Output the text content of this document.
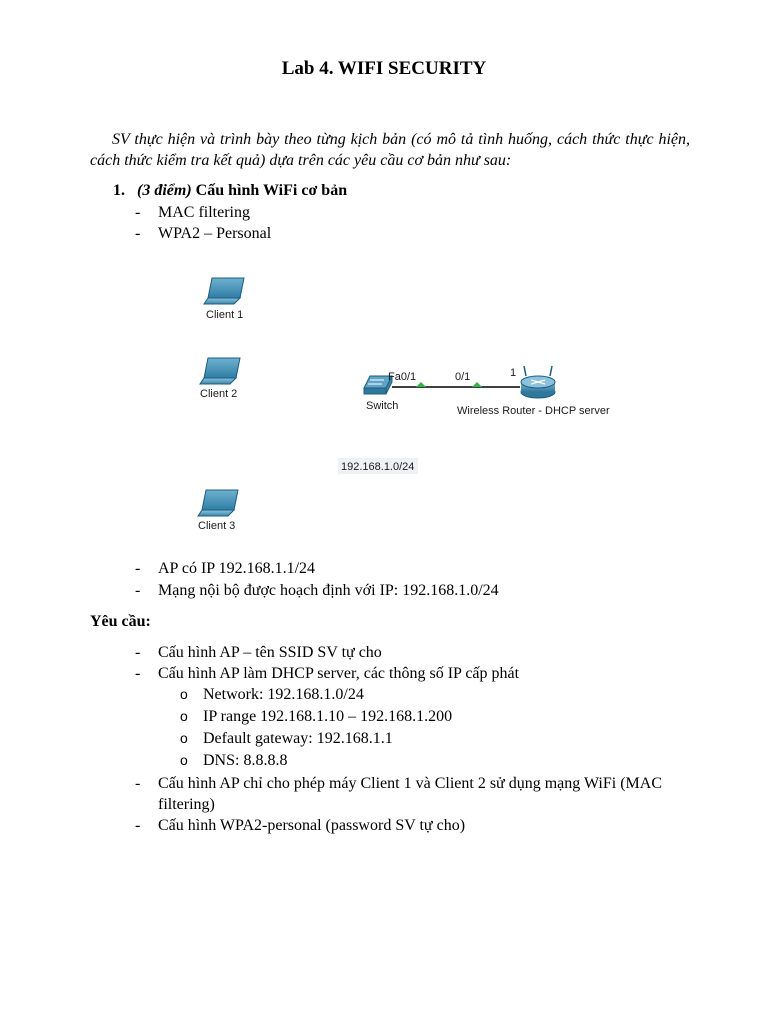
Lab 4. WIFI SECURITY
SV thực hiện và trình bày theo từng kịch bản (có mô tả tình huống, cách thức thực hiện, cách thức kiểm tra kết quả) dựa trên các yêu cầu cơ bản như sau:
1. (3 điểm) Cấu hình WiFi cơ bản
- MAC filtering
- WPA2 – Personal
Client 1
Client 2
Client 3
Switch
Fa0/1	0/1	1
Wireless Router - DHCP server
192.168.1.0/24
- AP có IP 192.168.1.1/24
- Mạng nội bộ được hoạch định với IP: 192.168.1.0/24
Yêu cầu:
- Cấu hình AP – tên SSID SV tự cho
- Cấu hình AP làm DHCP server, các thông số IP cấp phát
o Network: 192.168.1.0/24
o IP range 192.168.1.10 – 192.168.1.200
o Default gateway: 192.168.1.1
o DNS: 8.8.8.8
- Cấu hình AP chỉ cho phép máy Client 1 và Client 2 sử dụng mạng WiFi (MAC filtering)
- Cấu hình WPA2-personal (password SV tự cho)
